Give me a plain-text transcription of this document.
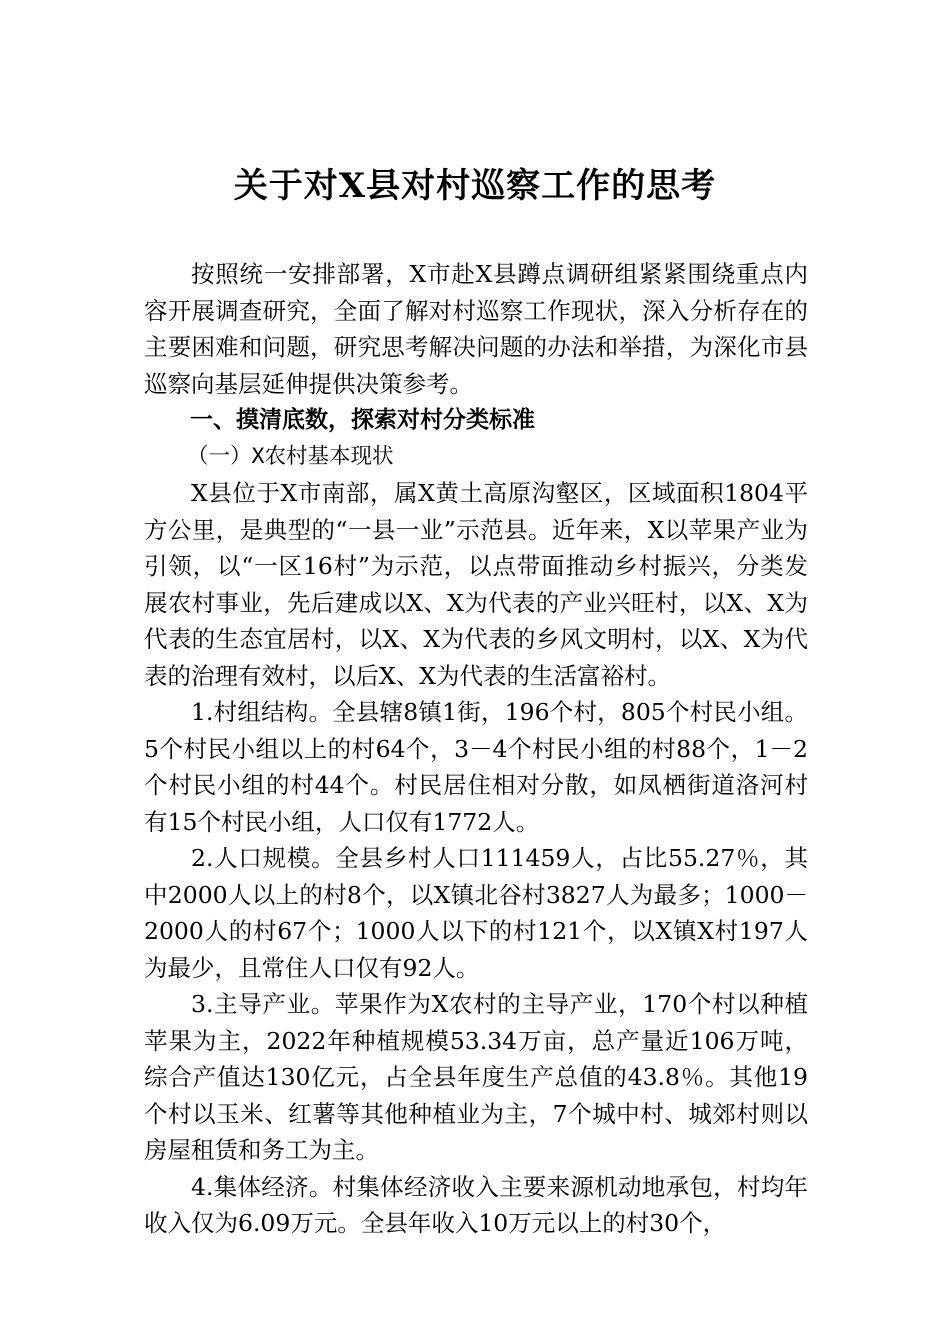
关于对X县对村巡察工作的思考

按照统一安排部署，X市赴X县蹲点调研组紧紧围绕重点内容开展调查研究，全面了解对村巡察工作现状，深入分析存在的主要困难和问题，研究思考解决问题的办法和举措，为深化市县巡察向基层延伸提供决策参考。

一、摸清底数，探索对村分类标准

（一）X农村基本现状

X县位于X市南部，属X黄土高原沟壑区，区域面积1804平方公里，是典型的“一县一业”示范县。近年来，X以苹果产业为引领，以“一区16村”为示范，以点带面推动乡村振兴，分类发展农村事业，先后建成以X、X为代表的产业兴旺村，以X、X为代表的生态宜居村，以X、X为代表的乡风文明村，以X、X为代表的治理有效村，以后X、X为代表的生活富裕村。

1.村组结构。全县辖8镇1街，196个村，805个村民小组。5个村民小组以上的村64个，3－4个村民小组的村88个，1－2个村民小组的村44个。村民居住相对分散，如凤栖街道洛河村有15个村民小组，人口仅有1772人。

2.人口规模。全县乡村人口111459人，占比55.27％，其中2000人以上的村8个，以X镇北谷村3827人为最多；1000－2000人的村67个；1000人以下的村121个，以X镇X村197人为最少，且常住人口仅有92人。

3.主导产业。苹果作为X农村的主导产业，170个村以种植苹果为主，2022年种植规模53.34万亩，总产量近106万吨，综合产值达130亿元，占全县年度生产总值的43.8％。其他19个村以玉米、红薯等其他种植业为主，7个城中村、城郊村则以房屋租赁和务工为主。

4.集体经济。村集体经济收入主要来源机动地承包，村均年收入仅为6.09万元。全县年收入10万元以上的村30个，
